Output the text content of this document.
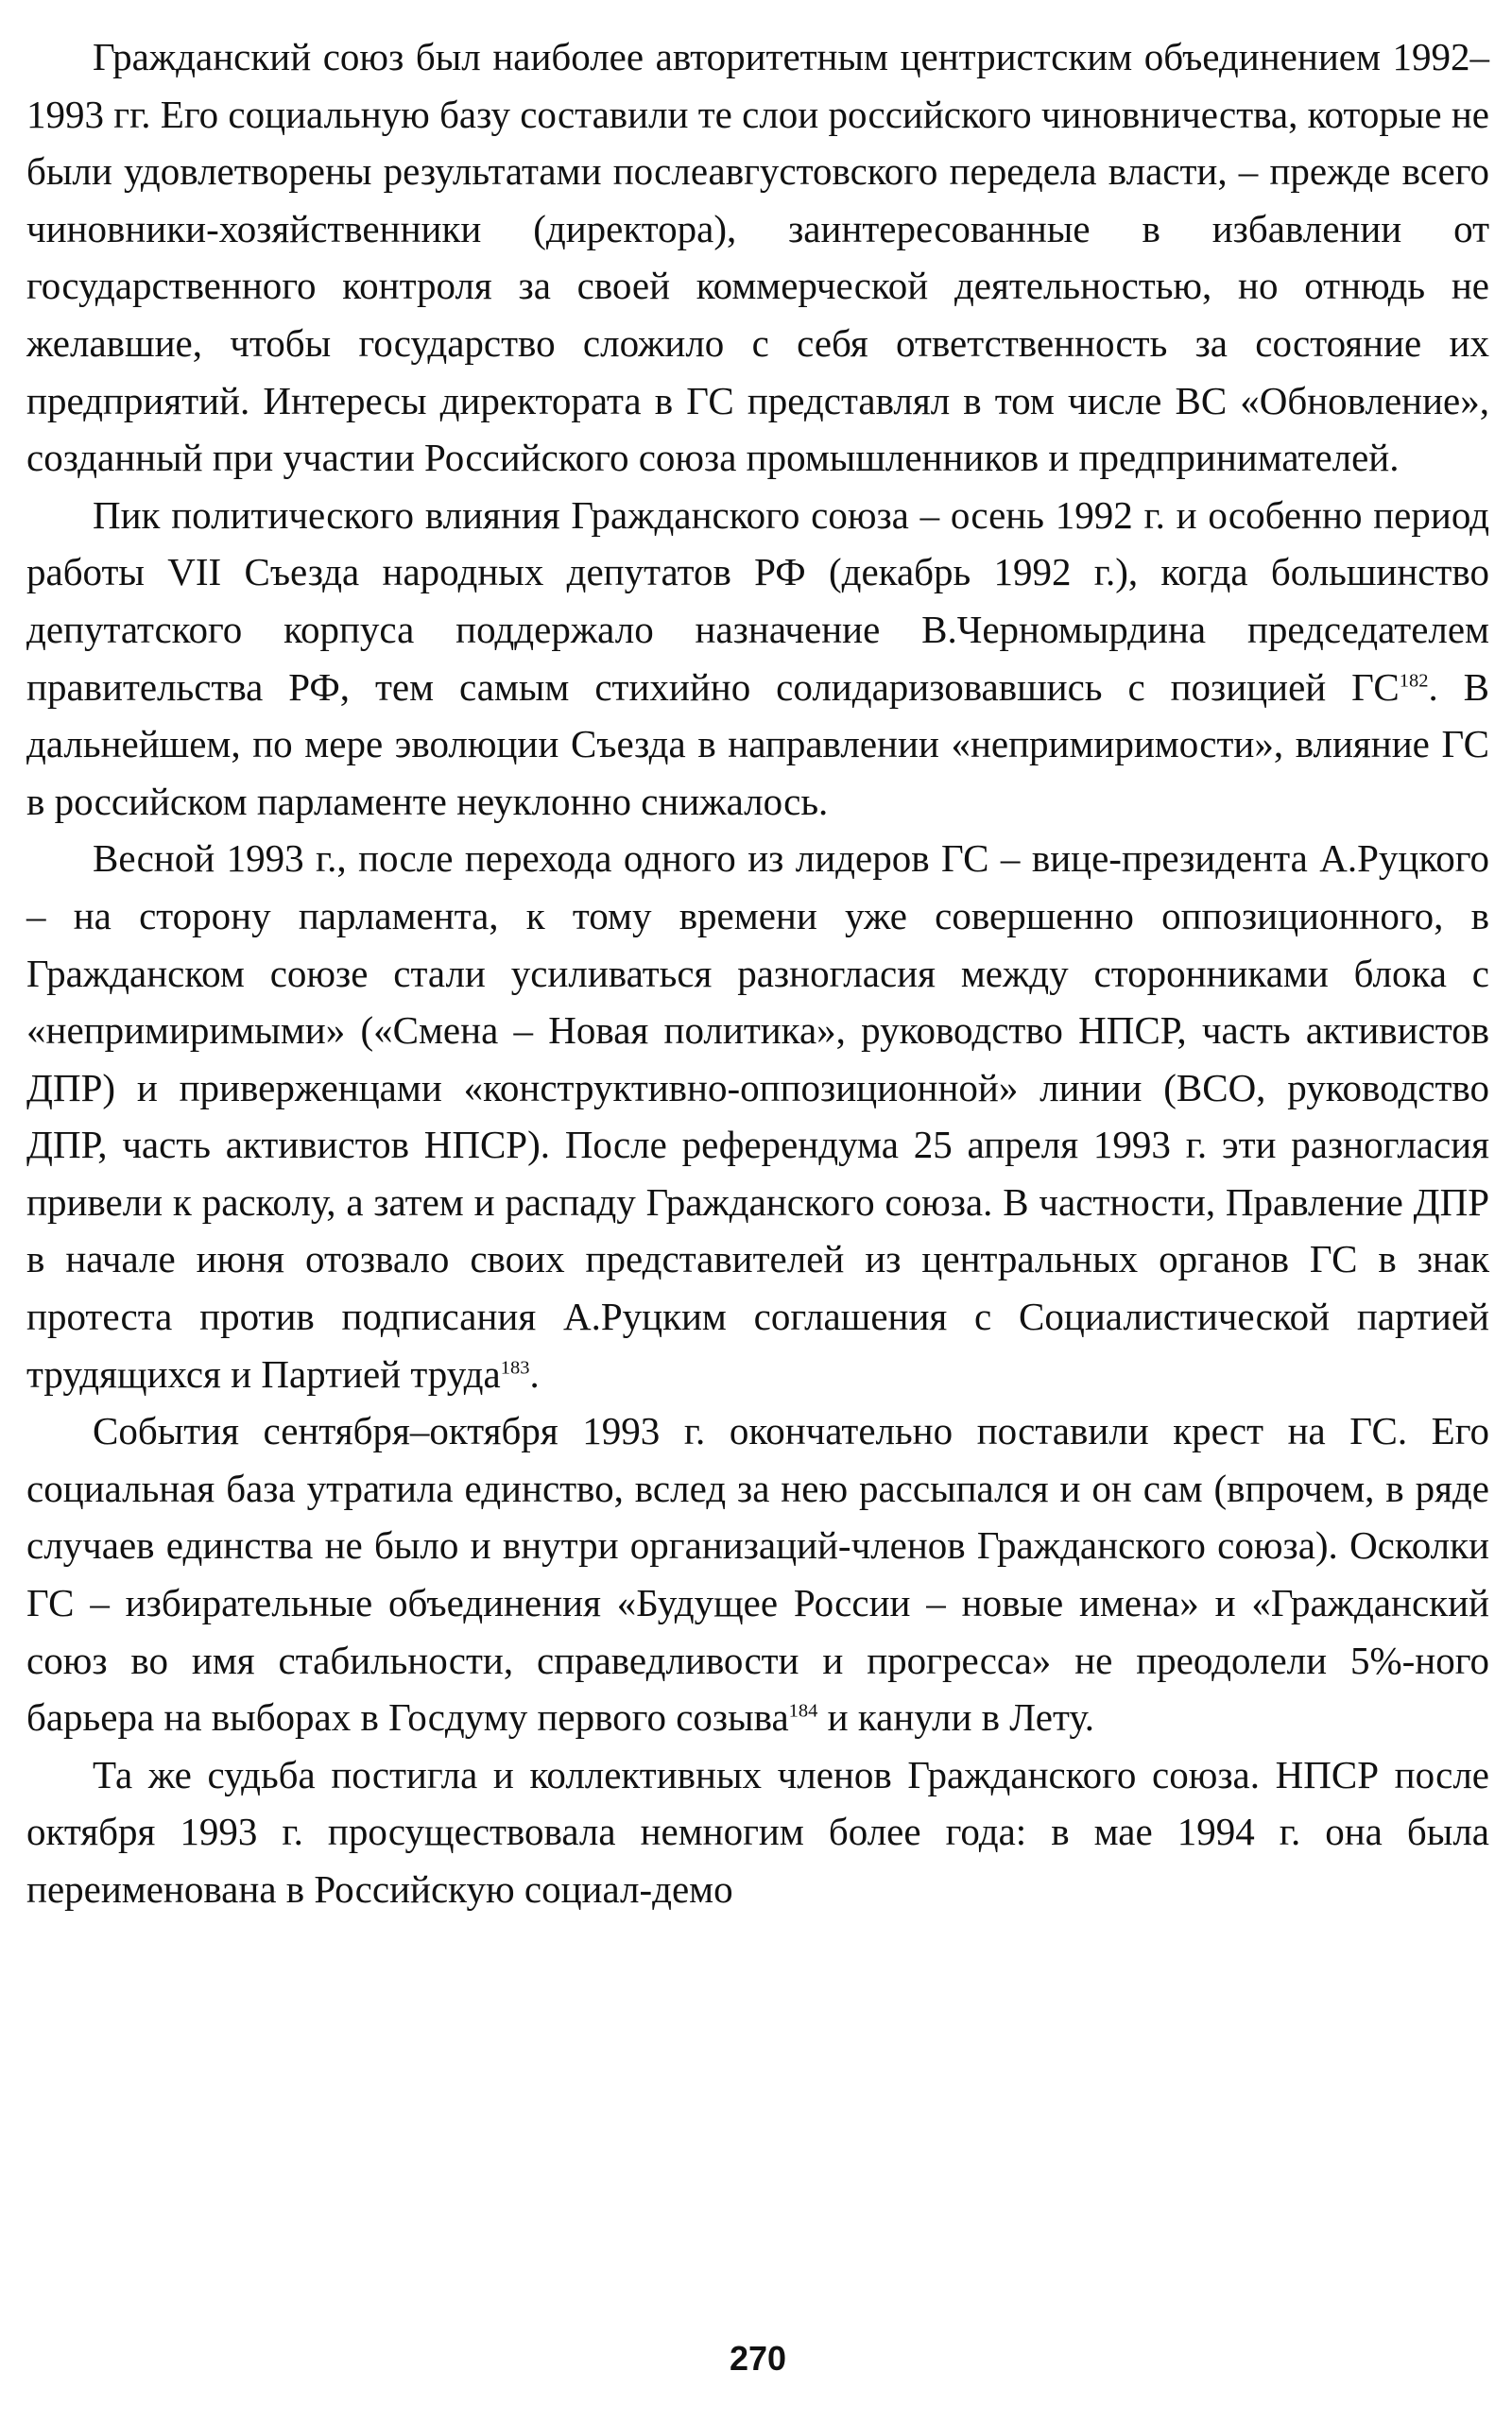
Гражданский союз был наиболее авторитетным центристским объединением 1992–1993 гг. Его социальную базу составили те слои российского чиновничества, которые не были удовлетворены результатами послеавгустовского передела власти, – прежде всего чиновники-хозяйственники (директора), заинтересованные в избавлении от государственного контроля за своей коммерческой деятельностью, но отнюдь не желавшие, чтобы государство сложило с себя ответственность за состояние их предприятий. Интересы директората в ГС представлял в том числе ВС «Обновление», созданный при участии Российского союза промышленников и предпринимателей.

Пик политического влияния Гражданского союза – осень 1992 г. и особенно период работы VII Съезда народных депутатов РФ (декабрь 1992 г.), когда большинство депутатского корпуса поддержало назначение В.Черномырдина председателем правительства РФ, тем самым стихийно солидаризовавшись с позицией ГС$^{182}$. В дальнейшем, по мере эволюции Съезда в направлении «непримиримости», влияние ГС в российском парламенте неуклонно снижалось.

Весной 1993 г., после перехода одного из лидеров ГС – вице-президента А.Руцкого – на сторону парламента, к тому времени уже совершенно оппозиционного, в Гражданском союзе стали усиливаться разногласия между сторонниками блока с «непримиримыми» («Смена – Новая политика», руководство НПСР, часть активистов ДПР) и приверженцами «конструктивно-оппозиционной» линии (ВСО, руководство ДПР, часть активистов НПСР). После референдума 25 апреля 1993 г. эти разногласия привели к расколу, а затем и распаду Гражданского союза. В частности, Правление ДПР в начале июня отозвало своих представителей из центральных органов ГС в знак протеста против подписания А.Руцким соглашения с Социалистической партией трудящихся и Партией труда$^{183}$.

События сентября–октября 1993 г. окончательно поставили крест на ГС. Его социальная база утратила единство, вслед за нею рассыпался и он сам (впрочем, в ряде случаев единства не было и внутри организаций-членов Гражданского союза). Осколки ГС – избирательные объединения «Будущее России – новые имена» и «Гражданский союз во имя стабильности, справедливости и прогресса» не преодолели 5%-ного барьера на выборах в Госдуму первого созыва$^{184}$ и канули в Лету.

Та же судьба постигла и коллективных членов Гражданского союза. НПСР после октября 1993 г. просуществовала немногим более года: в мае 1994 г. она была переименована в Российскую социал-демо

270
